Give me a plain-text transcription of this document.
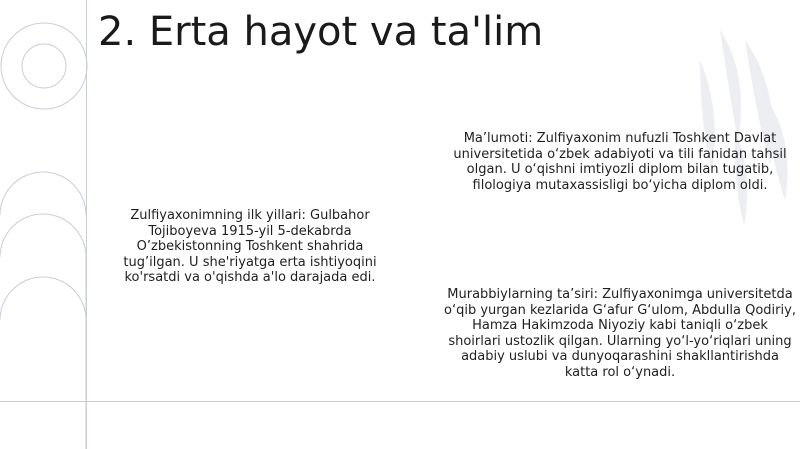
2. Erta hayot va ta'lim
Zulfiyaxonimning ilk yillari: Gulbahor Tojiboyeva 1915-yil 5-dekabrda O’zbekistonning Toshkent shahrida tug’ilgan. U she'riyatga erta ishtiyoqini ko'rsatdi va o'qishda a'lo darajada edi.
Ma’lumoti: Zulfiyaxonim nufuzli Toshkent Davlat universitetida o‘zbek adabiyoti va tili fanidan tahsil olgan. U o‘qishni imtiyozli diplom bilan tugatib, filologiya mutaxassisligi bo‘yicha diplom oldi.
Murabbiylarning ta’siri: Zulfiyaxonimga universitetda o‘qib yurgan kezlarida G‘afur G‘ulom, Abdulla Qodiriy, Hamza Hakimzoda Niyoziy kabi taniqli o‘zbek shoirlari ustozlik qilgan. Ularning yo‘l-yo‘riqlari uning adabiy uslubi va dunyoqarashini shakllantirishda katta rol o‘ynadi.
